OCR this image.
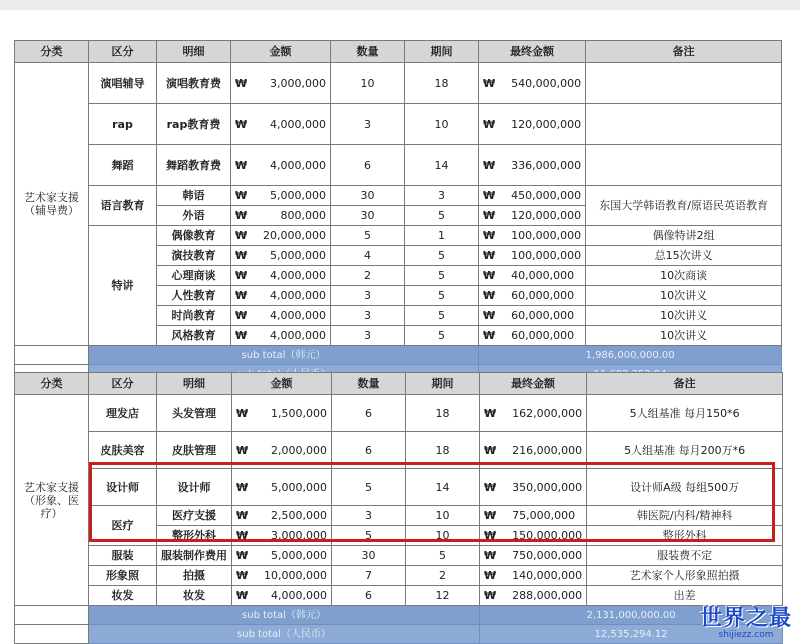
分类	区分	明细	金额	数量	期间	最终金额	备注
艺术家支援
（辅导费）	演唱辅导	演唱教育费	₩ 3,000,000	10	18	₩ 540,000,000	
	rap	rap教育费	₩ 4,000,000	3	10	₩ 120,000,000	
	舞蹈	舞蹈教育费	₩ 4,000,000	6	14	₩ 336,000,000	
	语言教育	韩语	₩ 5,000,000	30	3	₩ 450,000,000	东国大学韩语教育/原语民英语教育
		外语	₩ 800,000	30	5	₩ 120,000,000	
	特讲	偶像教育	₩ 20,000,000	5	1	₩ 100,000,000	偶像特讲2组
		演技教育	₩ 5,000,000	4	5	₩ 100,000,000	总15次讲义
		心理商谈	₩ 4,000,000	2	5	₩ 40,000,000	10次商谈
		人性教育	₩ 4,000,000	3	5	₩ 60,000,000	10次讲义
		时尚教育	₩ 4,000,000	3	5	₩ 60,000,000	10次讲义
		风格教育	₩ 4,000,000	3	5	₩ 60,000,000	10次讲义
	sub total（韩元）					1,986,000,000.00	

分类	区分	明细	金额	数量	期间	最终金额	备注
艺术家支援
（形象、医疗）	理发店	头发管理	₩ 1,500,000	6	18	₩ 162,000,000	5人组基准 每月150*6
	皮肤美容	皮肤管理	₩ 2,000,000	6	18	₩ 216,000,000	5人组基准 每月200万*6
	设计师	设计师	₩ 5,000,000	5	14	₩ 350,000,000	设计师A级 每组500万
	医疗	医疗支援	₩ 2,500,000	3	10	₩ 75,000,000	韩医院/内科/精神科
		整形外科	₩ 3,000,000	5	10	₩ 150,000,000	整形外科
	服装	服装制作费用	₩ 5,000,000	30	5	₩ 750,000,000	服装费不定
	形象照	拍摄	₩ 10,000,000	7	2	₩ 140,000,000	艺术家个人形象照拍摄
	妆发	妆发	₩ 4,000,000	6	12	₩ 288,000,000	出差
	sub total（韩元）					2,131,000,000.00	
	sub total（人民币）					12,535,294.12	
世界之最
shijiezz.com
